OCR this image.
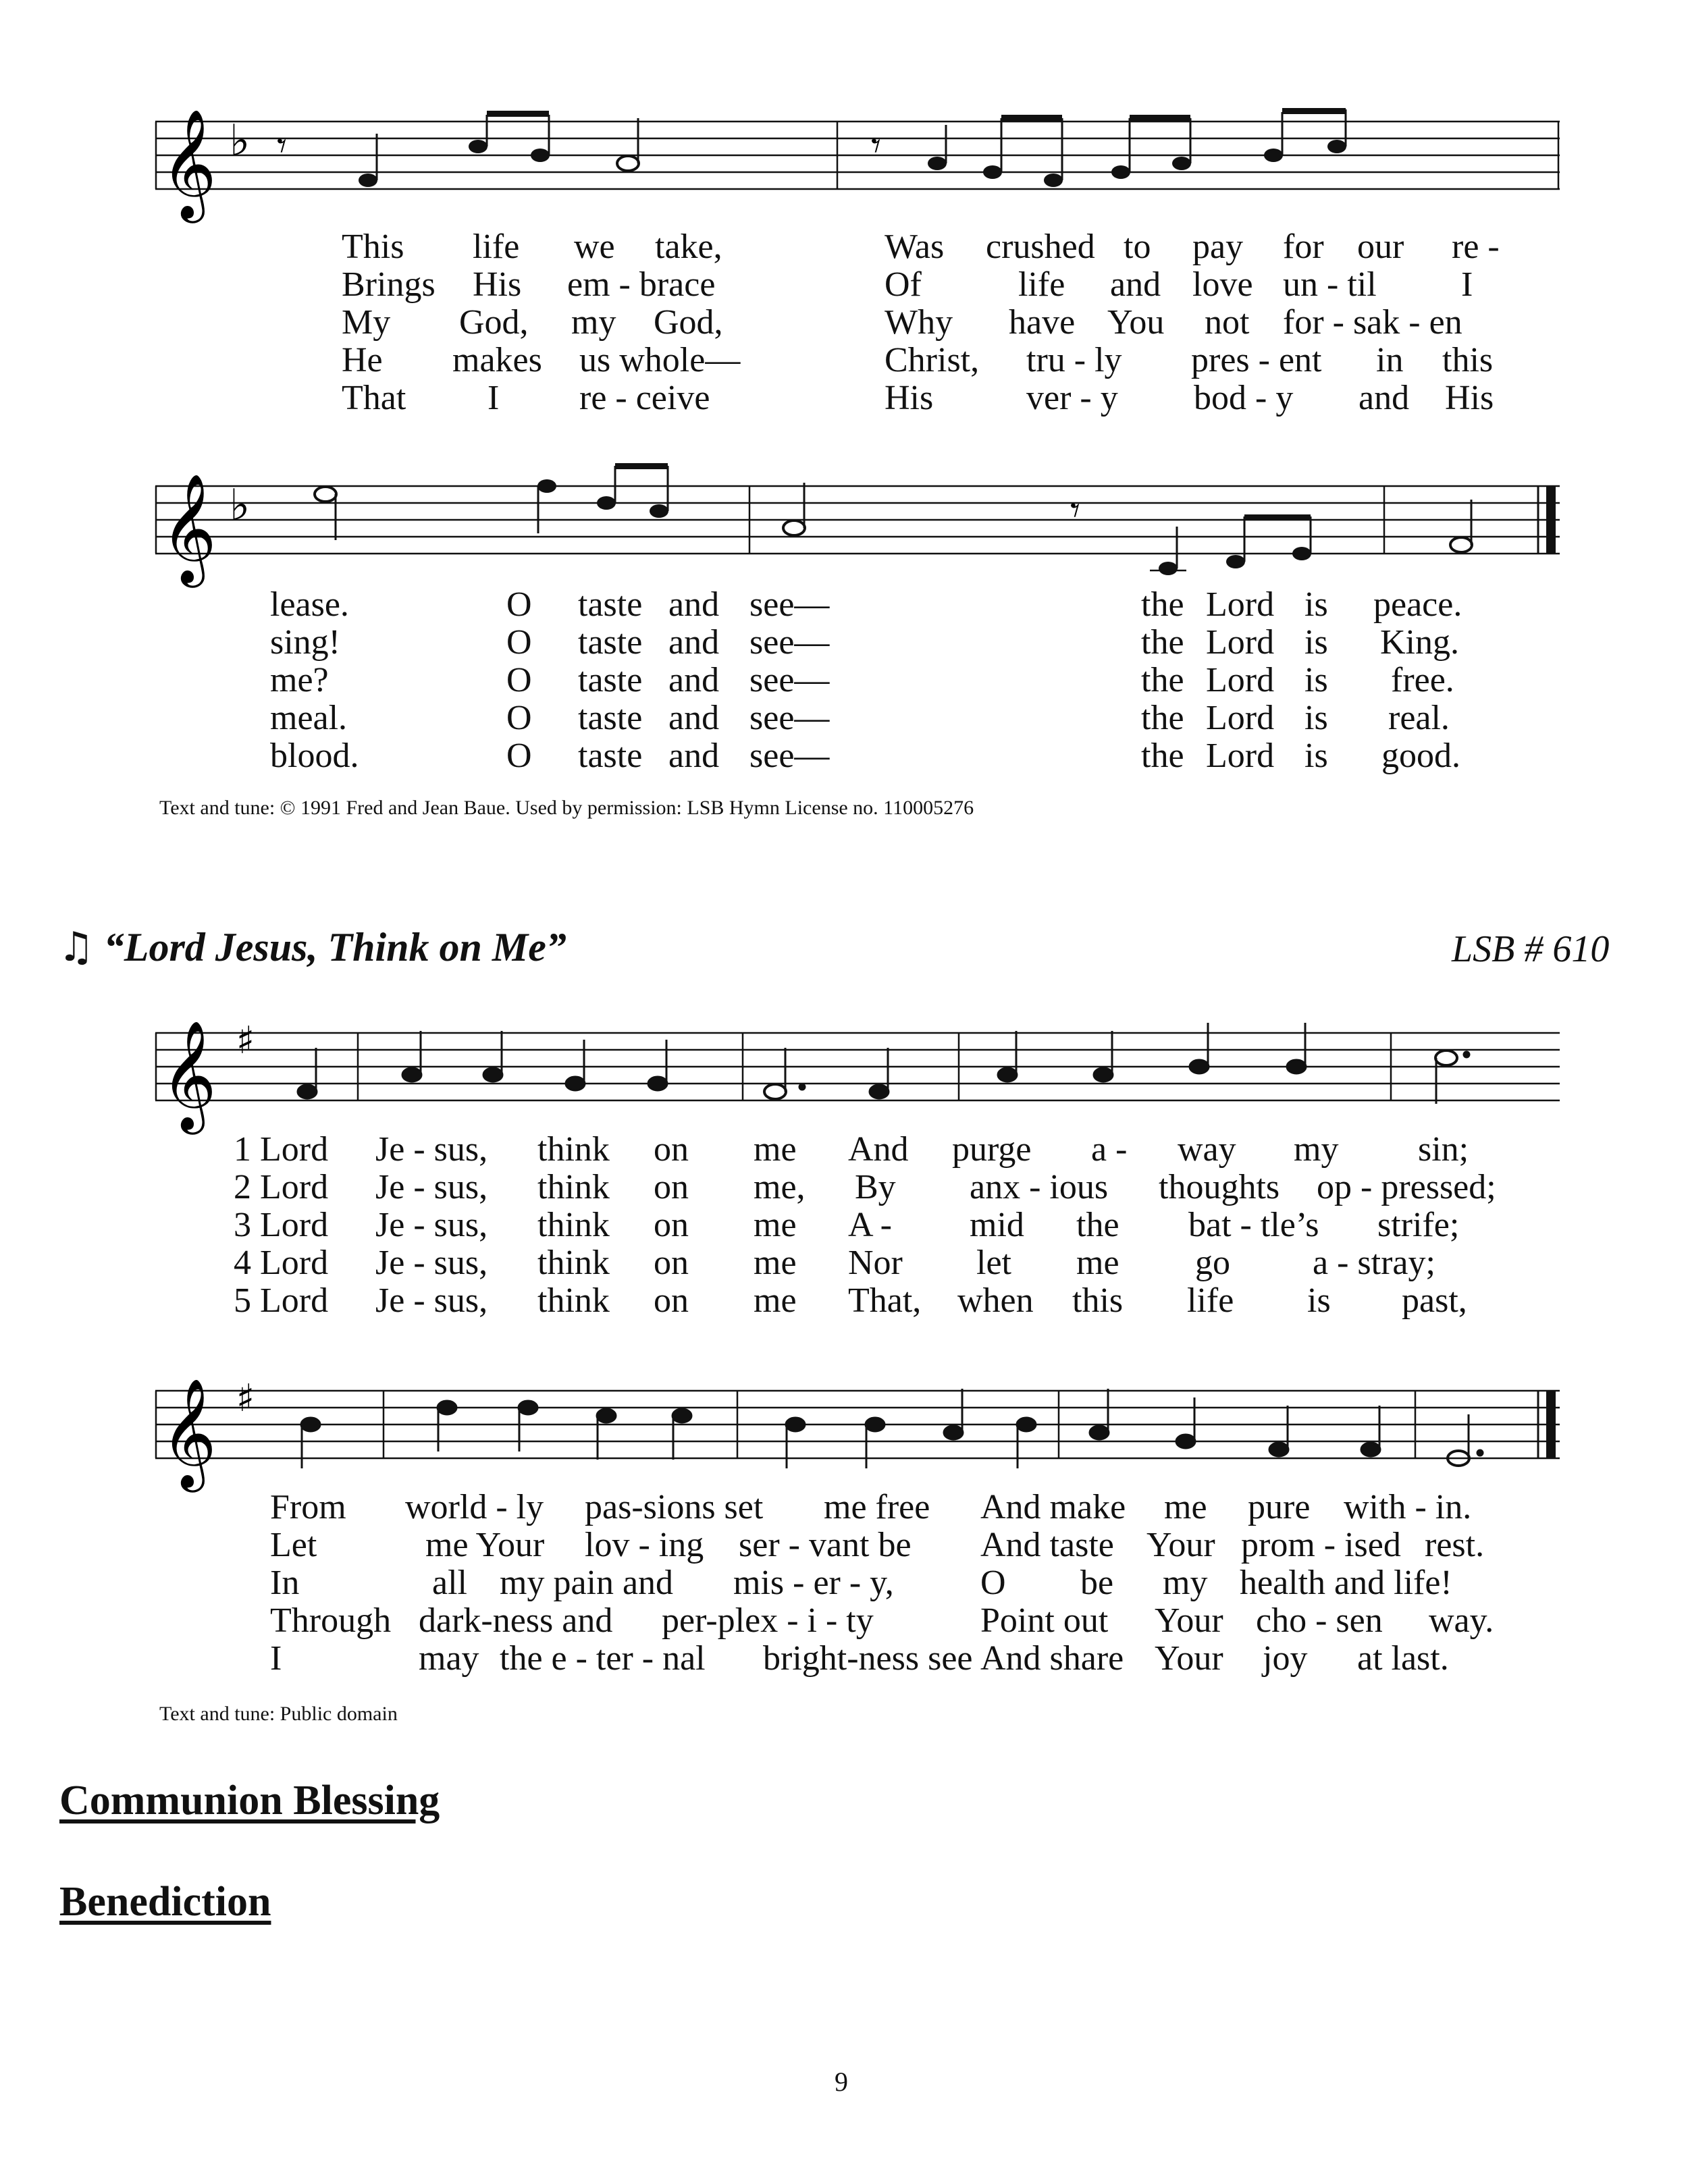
𝄞 ♭ 𝄾	𝄾
This life we take,	Was crushed to pay for our re -
Brings His em - brace	Of	life and love un - til I
My God, my God,	Why have You not for - sak - en
He makes us whole—	Christ, tru - ly pres - ent in this
That I re - ceive	His	ver - y bod - y and His
𝄞 ♭	𝄾
lease.	O taste and see—	the Lord is peace.
sing!	O taste and see—	the Lord is King.
me?	O taste and see—	the Lord is free.
meal.	O taste and see—	the Lord is real.
blood.	O taste and see—	the Lord is good.
Text and tune: © 1991 Fred and Jean Baue. Used by permission: LSB Hymn License no. 110005276
♫ “Lord Jesus, Think on Me”	LSB # 610
𝄞 ♯
1 Lord Je - sus, think on me And purge a - way my sin;
2 Lord Je - sus, think on me, By anx - ious thoughts op - pressed;
3 Lord Je - sus, think on me A - mid the bat - tle’s strife;
4 Lord Je - sus, think on me Nor let me go a - stray;
5 Lord Je - sus, think on me That, when this life is past,
𝄞 ♯
From world - ly pas-sions set me free And make me pure with - in.
Let	me Your lov - ing ser - vant be And taste Your prom - ised rest.
In	all my pain and mis - er - y, O be my health and life!
Through dark-ness and per-plex - i - ty	Point out Your cho - sen way.
I	may the e - ter - nal bright-ness see And share Your joy at last.
Text and tune: Public domain
Communion Blessing
Benediction
9
